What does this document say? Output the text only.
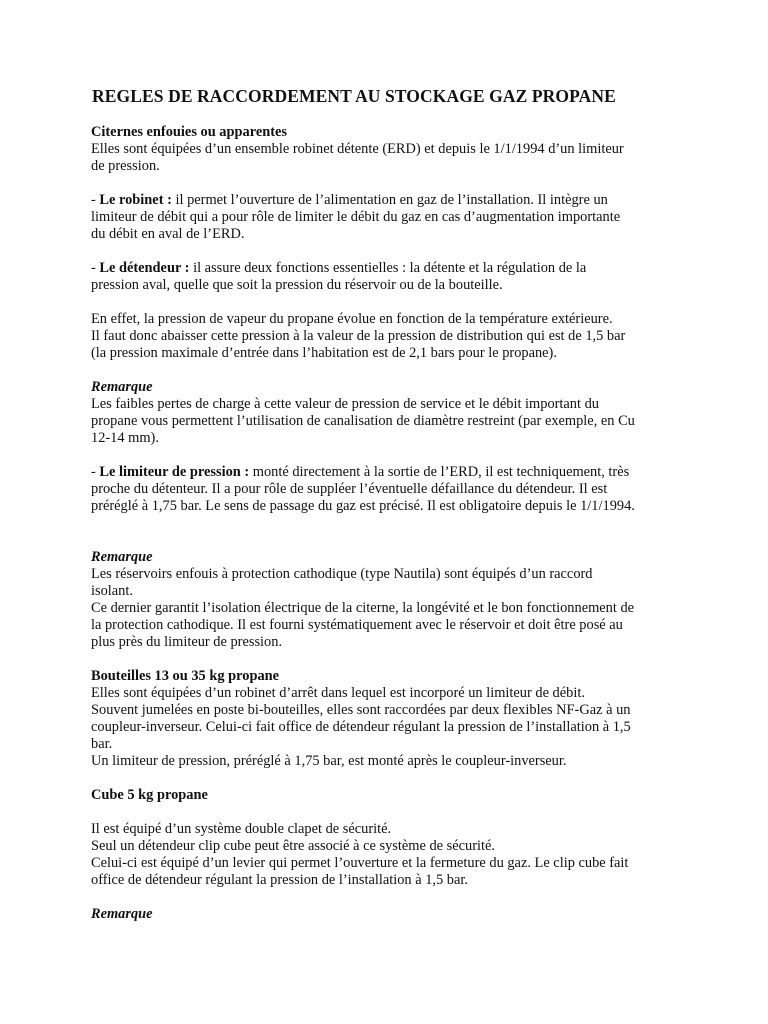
REGLES DE RACCORDEMENT AU STOCKAGE GAZ PROPANE

Citernes enfouies ou apparentes

Elles sont équipées d’un ensemble robinet détente (ERD) et depuis le 1/1/1994 d’un limiteur

de pression.

- Le robinet : il permet l’ouverture de l’alimentation en gaz de l’installation. Il intègre un

limiteur de débit qui a pour rôle de limiter le débit du gaz en cas d’augmentation importante

du débit en aval de l’ERD.

- Le détendeur : il assure deux fonctions essentielles : la détente et la régulation de la

pression aval, quelle que soit la pression du réservoir ou de la bouteille.

En effet, la pression de vapeur du propane évolue en fonction de la température extérieure.

Il faut donc abaisser cette pression à la valeur de la pression de distribution qui est de 1,5 bar

(la pression maximale d’entrée dans l’habitation est de 2,1 bars pour le propane).

Remarque

Les faibles pertes de charge à cette valeur de pression de service et le débit important du

propane vous permettent l’utilisation de canalisation de diamètre restreint (par exemple, en Cu

12-14 mm).

- Le limiteur de pression : monté directement à la sortie de l’ERD, il est techniquement, très

proche du détenteur. Il a pour rôle de suppléer l’éventuelle défaillance du détendeur. Il est

préréglé à 1,75 bar. Le sens de passage du gaz est précisé. Il est obligatoire depuis le 1/1/1994.

Remarque

Les réservoirs enfouis à protection cathodique (type Nautila) sont équipés d’un raccord

isolant.

Ce dernier garantit l’isolation électrique de la citerne, la longévité et le bon fonctionnement de

la protection cathodique. Il est fourni systématiquement avec le réservoir et doit être posé au

plus près du limiteur de pression.

Bouteilles 13 ou 35 kg propane

Elles sont équipées d’un robinet d’arrêt dans lequel est incorporé un limiteur de débit.

Souvent jumelées en poste bi-bouteilles, elles sont raccordées par deux flexibles NF-Gaz à un

coupleur-inverseur. Celui-ci fait office de détendeur régulant la pression de l’installation à 1,5

bar.

Un limiteur de pression, préréglé à 1,75 bar, est monté après le coupleur-inverseur.

Cube 5 kg propane

Il est équipé d’un système double clapet de sécurité.

Seul un détendeur clip cube peut être associé à ce système de sécurité.

Celui-ci est équipé d’un levier qui permet l’ouverture et la fermeture du gaz. Le clip cube fait

office de détendeur régulant la pression de l’installation à 1,5 bar.

Remarque
